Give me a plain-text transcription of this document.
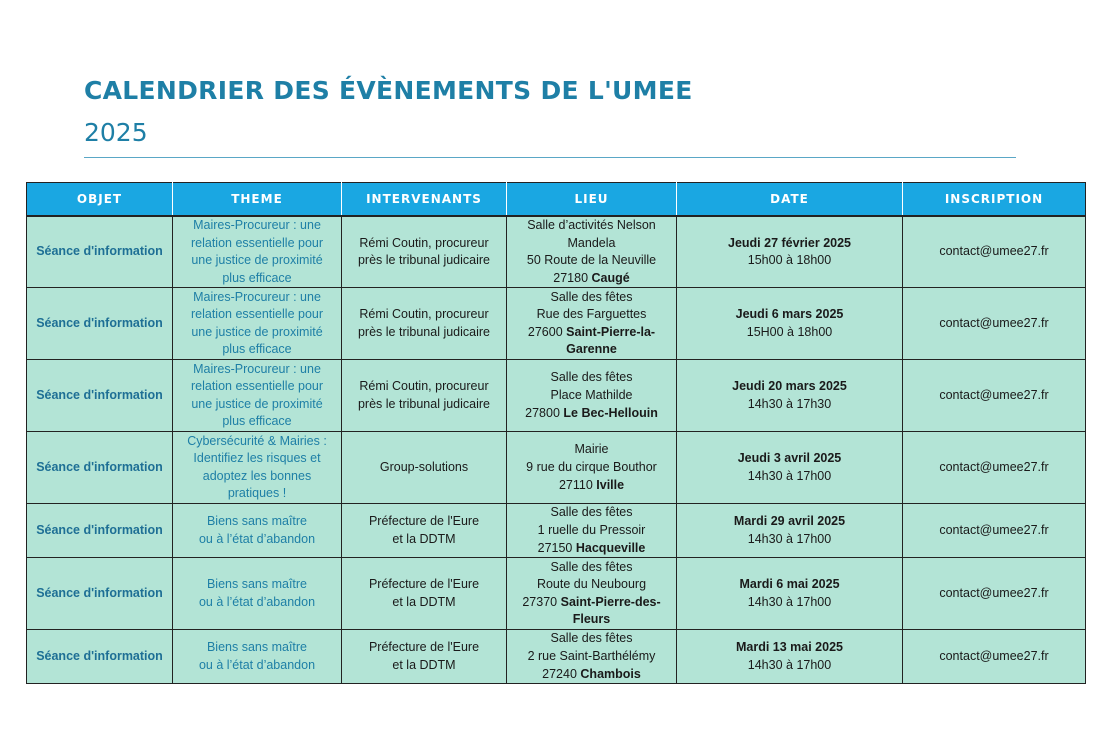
CALENDRIER DES ÉVÈNEMENTS DE L'UMEE
2025
OBJET	THEME	INTERVENANTS	LIEU	DATE	INSCRIPTION
Séance d'information	Maires-Procureur : une
relation essentielle pour
une justice de proximité
plus efficace	Rémi Coutin, procureur
près le tribunal judicaire	Salle d’activités Nelson
Mandela
50 Route de la Neuville
27180 Caugé	Jeudi 27 février 2025
15h00 à 18h00	contact@umee27.fr
Séance d'information	Maires-Procureur : une
relation essentielle pour
une justice de proximité
plus efficace	Rémi Coutin, procureur
près le tribunal judicaire	Salle des fêtes
Rue des Farguettes
27600 Saint-Pierre-la-
Garenne	Jeudi 6 mars 2025
15H00 à 18h00	contact@umee27.fr
Séance d'information	Maires-Procureur : une
relation essentielle pour
une justice de proximité
plus efficace	Rémi Coutin, procureur
près le tribunal judicaire	Salle des fêtes
Place Mathilde
27800 Le Bec-Hellouin	Jeudi 20 mars 2025
14h30 à 17h30	contact@umee27.fr
Séance d'information	Cybersécurité & Mairies :
Identifiez les risques et
adoptez les bonnes
pratiques !	Group-solutions	Mairie
9 rue du cirque Bouthor
27110 Iville	Jeudi 3 avril 2025
14h30 à 17h00	contact@umee27.fr
Séance d'information	Biens sans maître
ou à l’état d’abandon	Préfecture de l'Eure
et la DDTM	Salle des fêtes
1 ruelle du Pressoir
27150 Hacqueville	Mardi 29 avril 2025
14h30 à 17h00	contact@umee27.fr
Séance d'information	Biens sans maître
ou à l’état d’abandon	Préfecture de l'Eure
et la DDTM	Salle des fêtes
Route du Neubourg
27370 Saint-Pierre-des-
Fleurs	Mardi 6 mai 2025
14h30 à 17h00	contact@umee27.fr
Séance d'information	Biens sans maître
ou à l’état d’abandon	Préfecture de l'Eure
et la DDTM	Salle des fêtes
2 rue Saint-Barthélémy
27240 Chambois	Mardi 13 mai 2025
14h30 à 17h00	contact@umee27.fr
